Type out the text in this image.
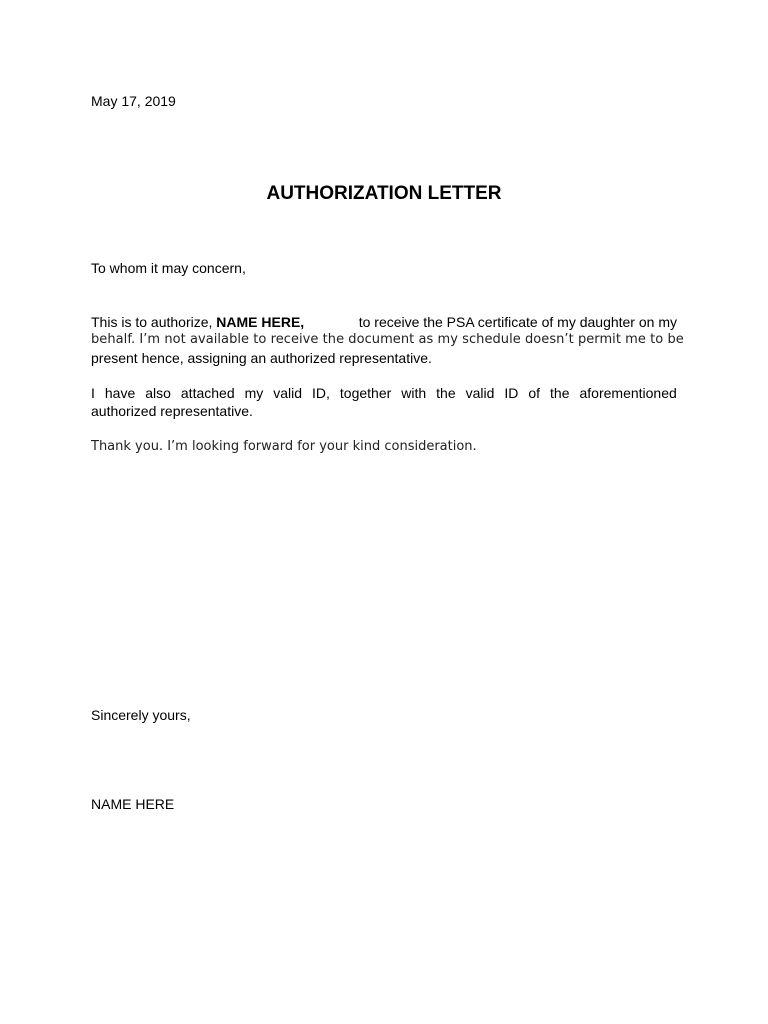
May 17, 2019
AUTHORIZATION LETTER
To whom it may concern,
This is to authorize, NAME HERE,	to receive the PSA certificate of my daughter on my
behalf. I’m not available to receive the document as my schedule doesn’t permit me to be
present hence, assigning an authorized representative.
I have also attached my valid ID, together with the valid ID of the aforementioned
authorized representative.
Thank you. I’m looking forward for your kind consideration.
Sincerely yours,
NAME HERE
